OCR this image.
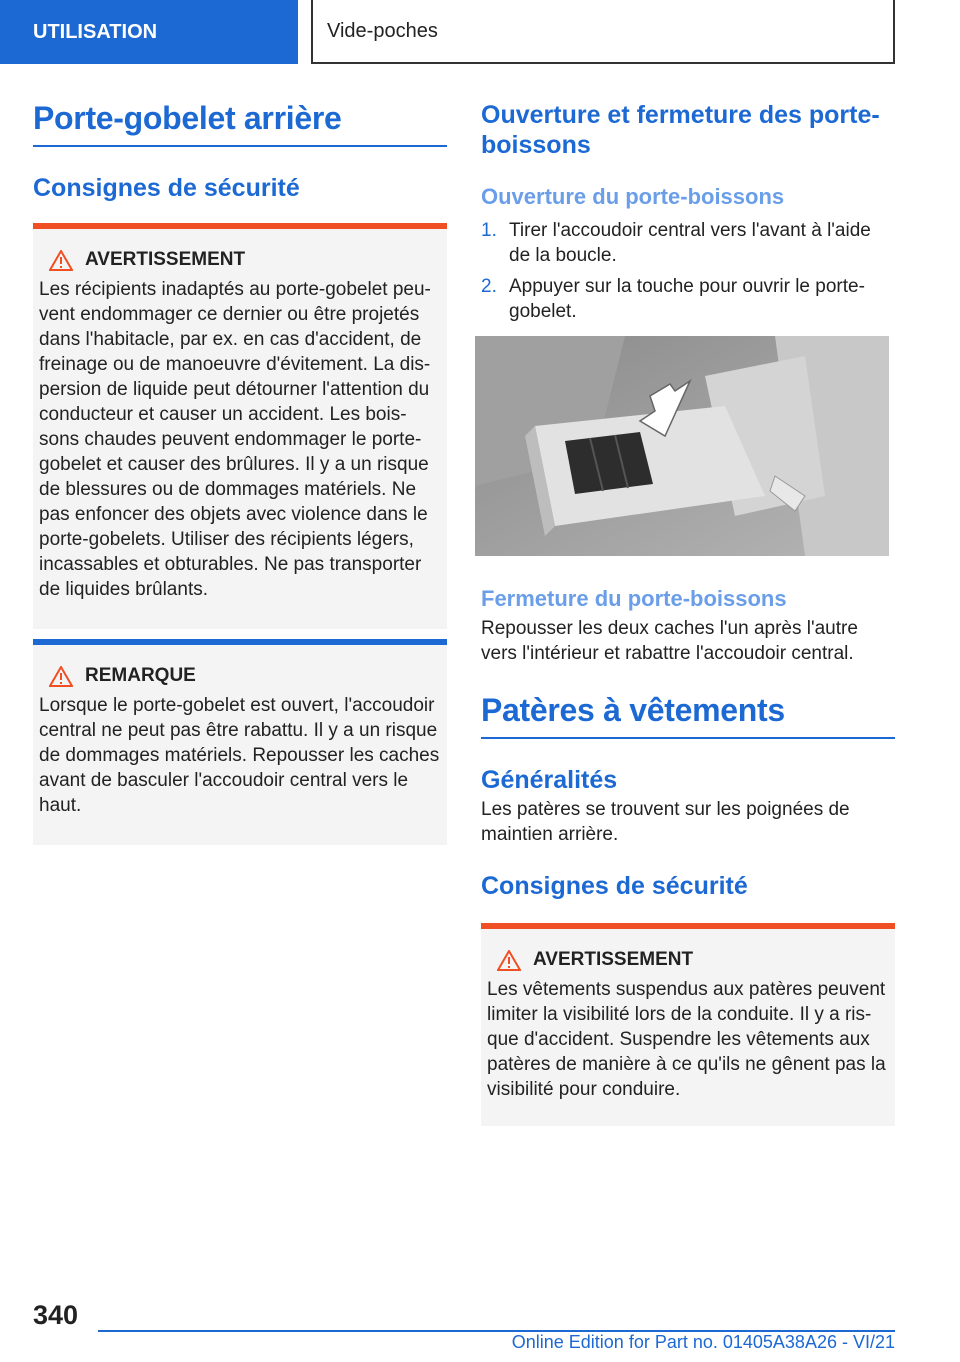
UTILISATION	Vide-poches
Porte-gobelet arrière
Consignes de sécurité
AVERTISSEMENT

Les récipients inadaptés au porte-gobelet peu-vent endommager ce dernier ou être projetés dans l'habitacle, par ex. en cas d'accident, de freinage ou de manoeuvre d'évitement. La dis-persion de liquide peut détourner l'attention du conducteur et causer un accident. Les bois-sons chaudes peuvent endommager le porte-gobelet et causer des brûlures. Il y a un risque de blessures ou de dommages matériels. Ne pas enfoncer des objets avec violence dans le porte-gobelets. Utiliser des récipients légers, incassables et obturables. Ne pas transporter de liquides brûlants.

REMARQUE

Lorsque le porte-gobelet est ouvert, l'accoudoir central ne peut pas être rabattu. Il y a un risque de dommages matériels. Repousser les caches avant de basculer l'accoudoir central vers le haut.

Ouverture et fermeture des porte-boissons
Ouverture du porte-boissons
1. Tirer l'accoudoir central vers l'avant à l'aide de la boucle.
2. Appuyer sur la touche pour ouvrir le porte-gobelet.
Fermeture du porte-boissons

Repousser les deux caches l'un après l'autre vers l'intérieur et rabattre l'accoudoir central.

Patères à vêtements
Généralités

Les patères se trouvent sur les poignées de maintien arrière.

Consignes de sécurité
AVERTISSEMENT

Les vêtements suspendus aux patères peuvent limiter la visibilité lors de la conduite. Il y a ris-que d'accident. Suspendre les vêtements aux patères de manière à ce qu'ils ne gênent pas la visibilité pour conduire.

340
Online Edition for Part no. 01405A38A26 - VI/21
